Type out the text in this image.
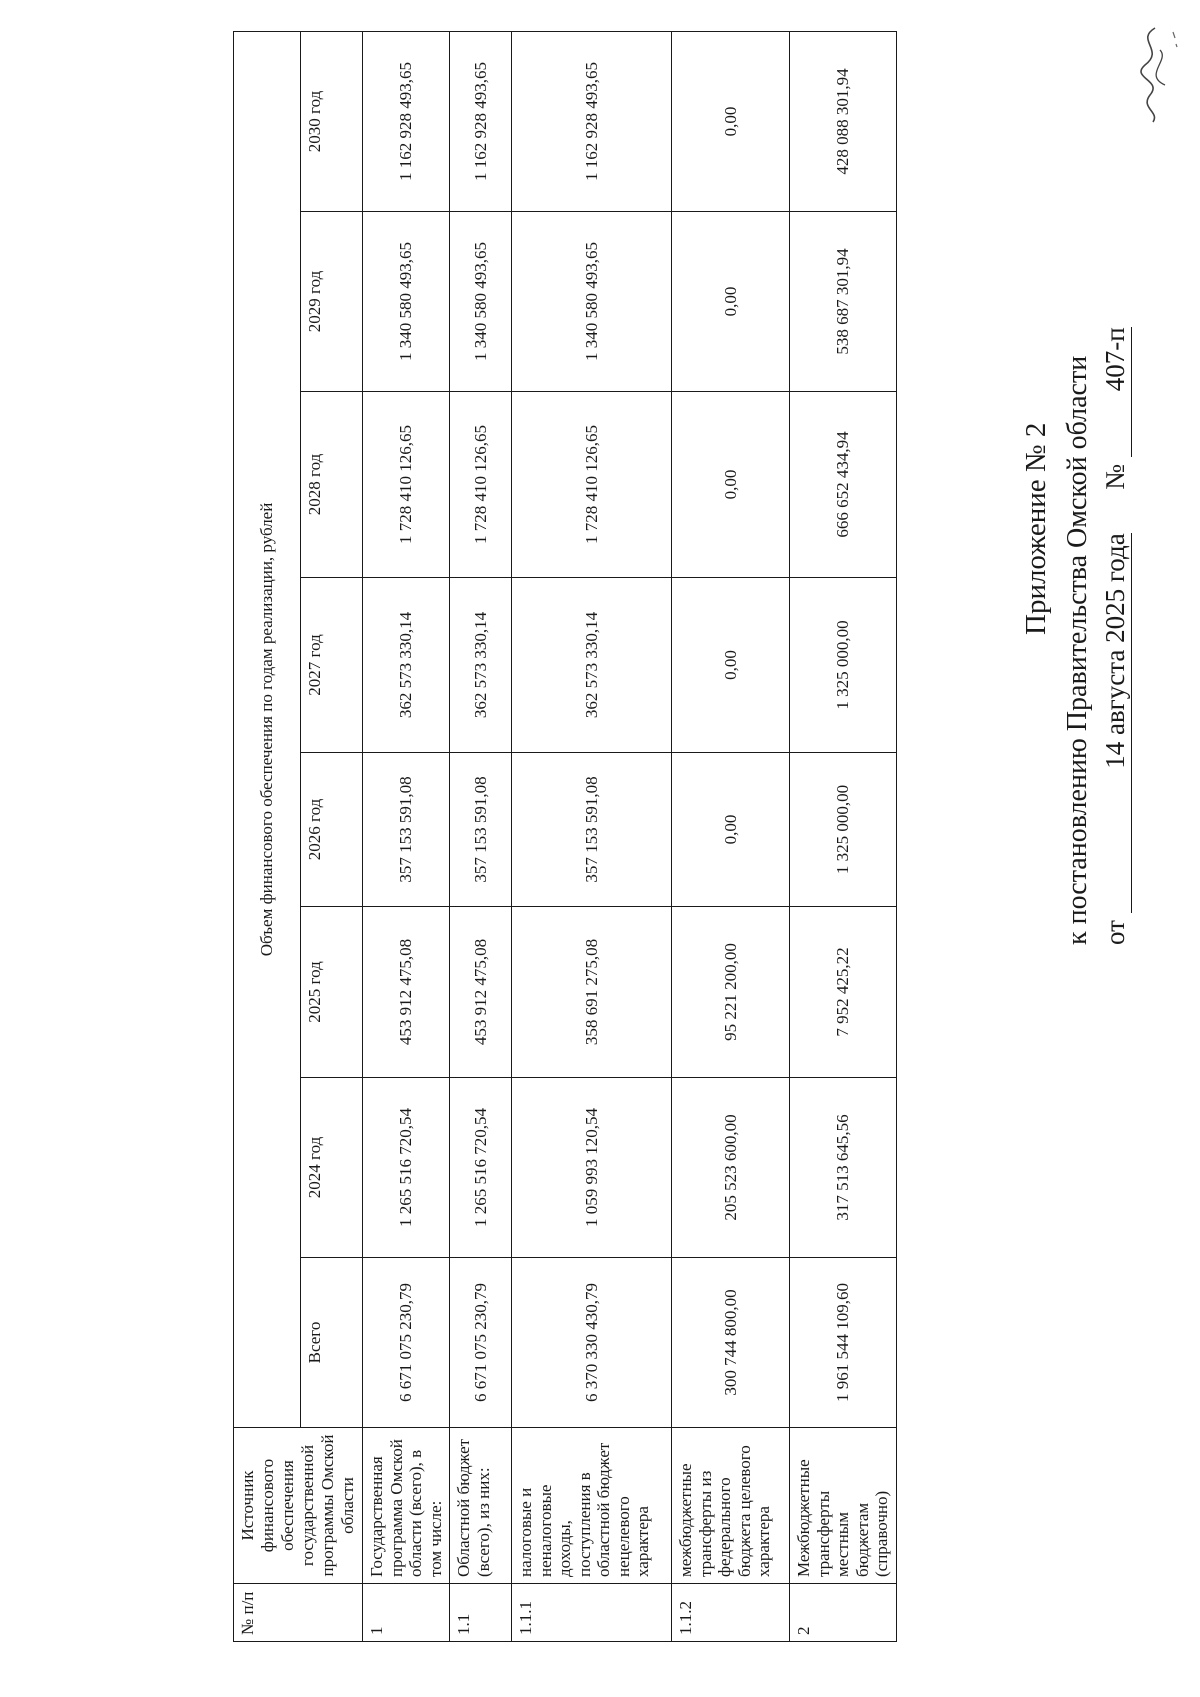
Приложение № 2 к постановлению Правительства Омской области от 14 августа 2025 года  № 407-п
№ п/п	Источник финансового обеспечения государственной программы Омской области	Объем финансового обеспечения по годам реализации, рублей							
		Всего	2024 год	2025 год	2026 год	2027 год	2028 год	2029 год	2030 год
1	Государственная программа Омской области (всего), в том числе:	6 671 075 230,79	1 265 516 720,54	453 912 475,08	357 153 591,08	362 573 330,14	1 728 410 126,65	1 340 580 493,65	1 162 928 493,65
1.1	Областной бюджет (всего), из них:	6 671 075 230,79	1 265 516 720,54	453 912 475,08	357 153 591,08	362 573 330,14	1 728 410 126,65	1 340 580 493,65	1 162 928 493,65
1.1.1	налоговые и неналоговые доходы, поступления в областной бюджет нецелевого характера	6 370 330 430,79	1 059 993 120,54	358 691 275,08	357 153 591,08	362 573 330,14	1 728 410 126,65	1 340 580 493,65	1 162 928 493,65
1.1.2	межбюджетные трансферты из федерального бюджета целевого характера	300 744 800,00	205 523 600,00	95 221 200,00	0,00	0,00	0,00	0,00	0,00
2	Межбюджетные трансферты местным бюджетам (справочно)	1 961 544 109,60	317 513 645,56	7 952 425,22	1 325 000,00	1 325 000,00	666 652 434,94	538 687 301,94	428 088 301,94
